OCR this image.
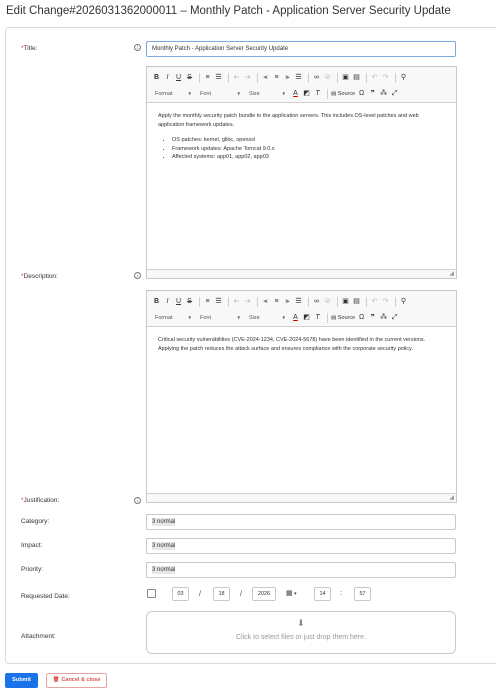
Edit Change#2026031362000011 – Monthly Patch - Application Server Security Update
*Title:	i	Monthly Patch - Application Server Security Update
*Description:	i
B	I	U S	≡ ☰ ⇤ ⇥	⫷ ≡ ⫸ ☰ ∞ ⊘ ▣ ▤ ↶ ↷ ⚲
Format	▾ Font	▾ Size	▾	A ◩ T	▤ Source Ω ❞ ⁂ ⤢
Apply the monthly security patch bundle to the application servers. This includes OS-level patches and web application framework updates.
• OS patches: kernel, glibc, openssl
• Framework updates: Apache Tomcat 9.0.x
• Affected systems: app01, app02, app03
◢
B	I	U S	≡ ☰ ⇤ ⇥	⫷ ≡ ⫸ ☰ ∞ ⊘ ▣ ▤ ↶ ↷ ⚲
Format	▾ Font	▾ Size	▾	A ◩ T	▤ Source Ω ❞ ⁂ ⤢
Critical security vulnerabilities (CVE-2024-1234, CVE-2024-5678) have been identified in the current versions. Applying the patch reduces the attack surface and ensures compliance with the corporate security policy.
◢
*Justification:	i
Category:	3 normal
Impact:	3 normal
Priority:	3 normal
Requested Date:	03	/	18	/	2026	▦ ▾	14	:	57
Attachment:
⬇
Click to select files or just drop them here.
Submit	🗑 Cancel & close
